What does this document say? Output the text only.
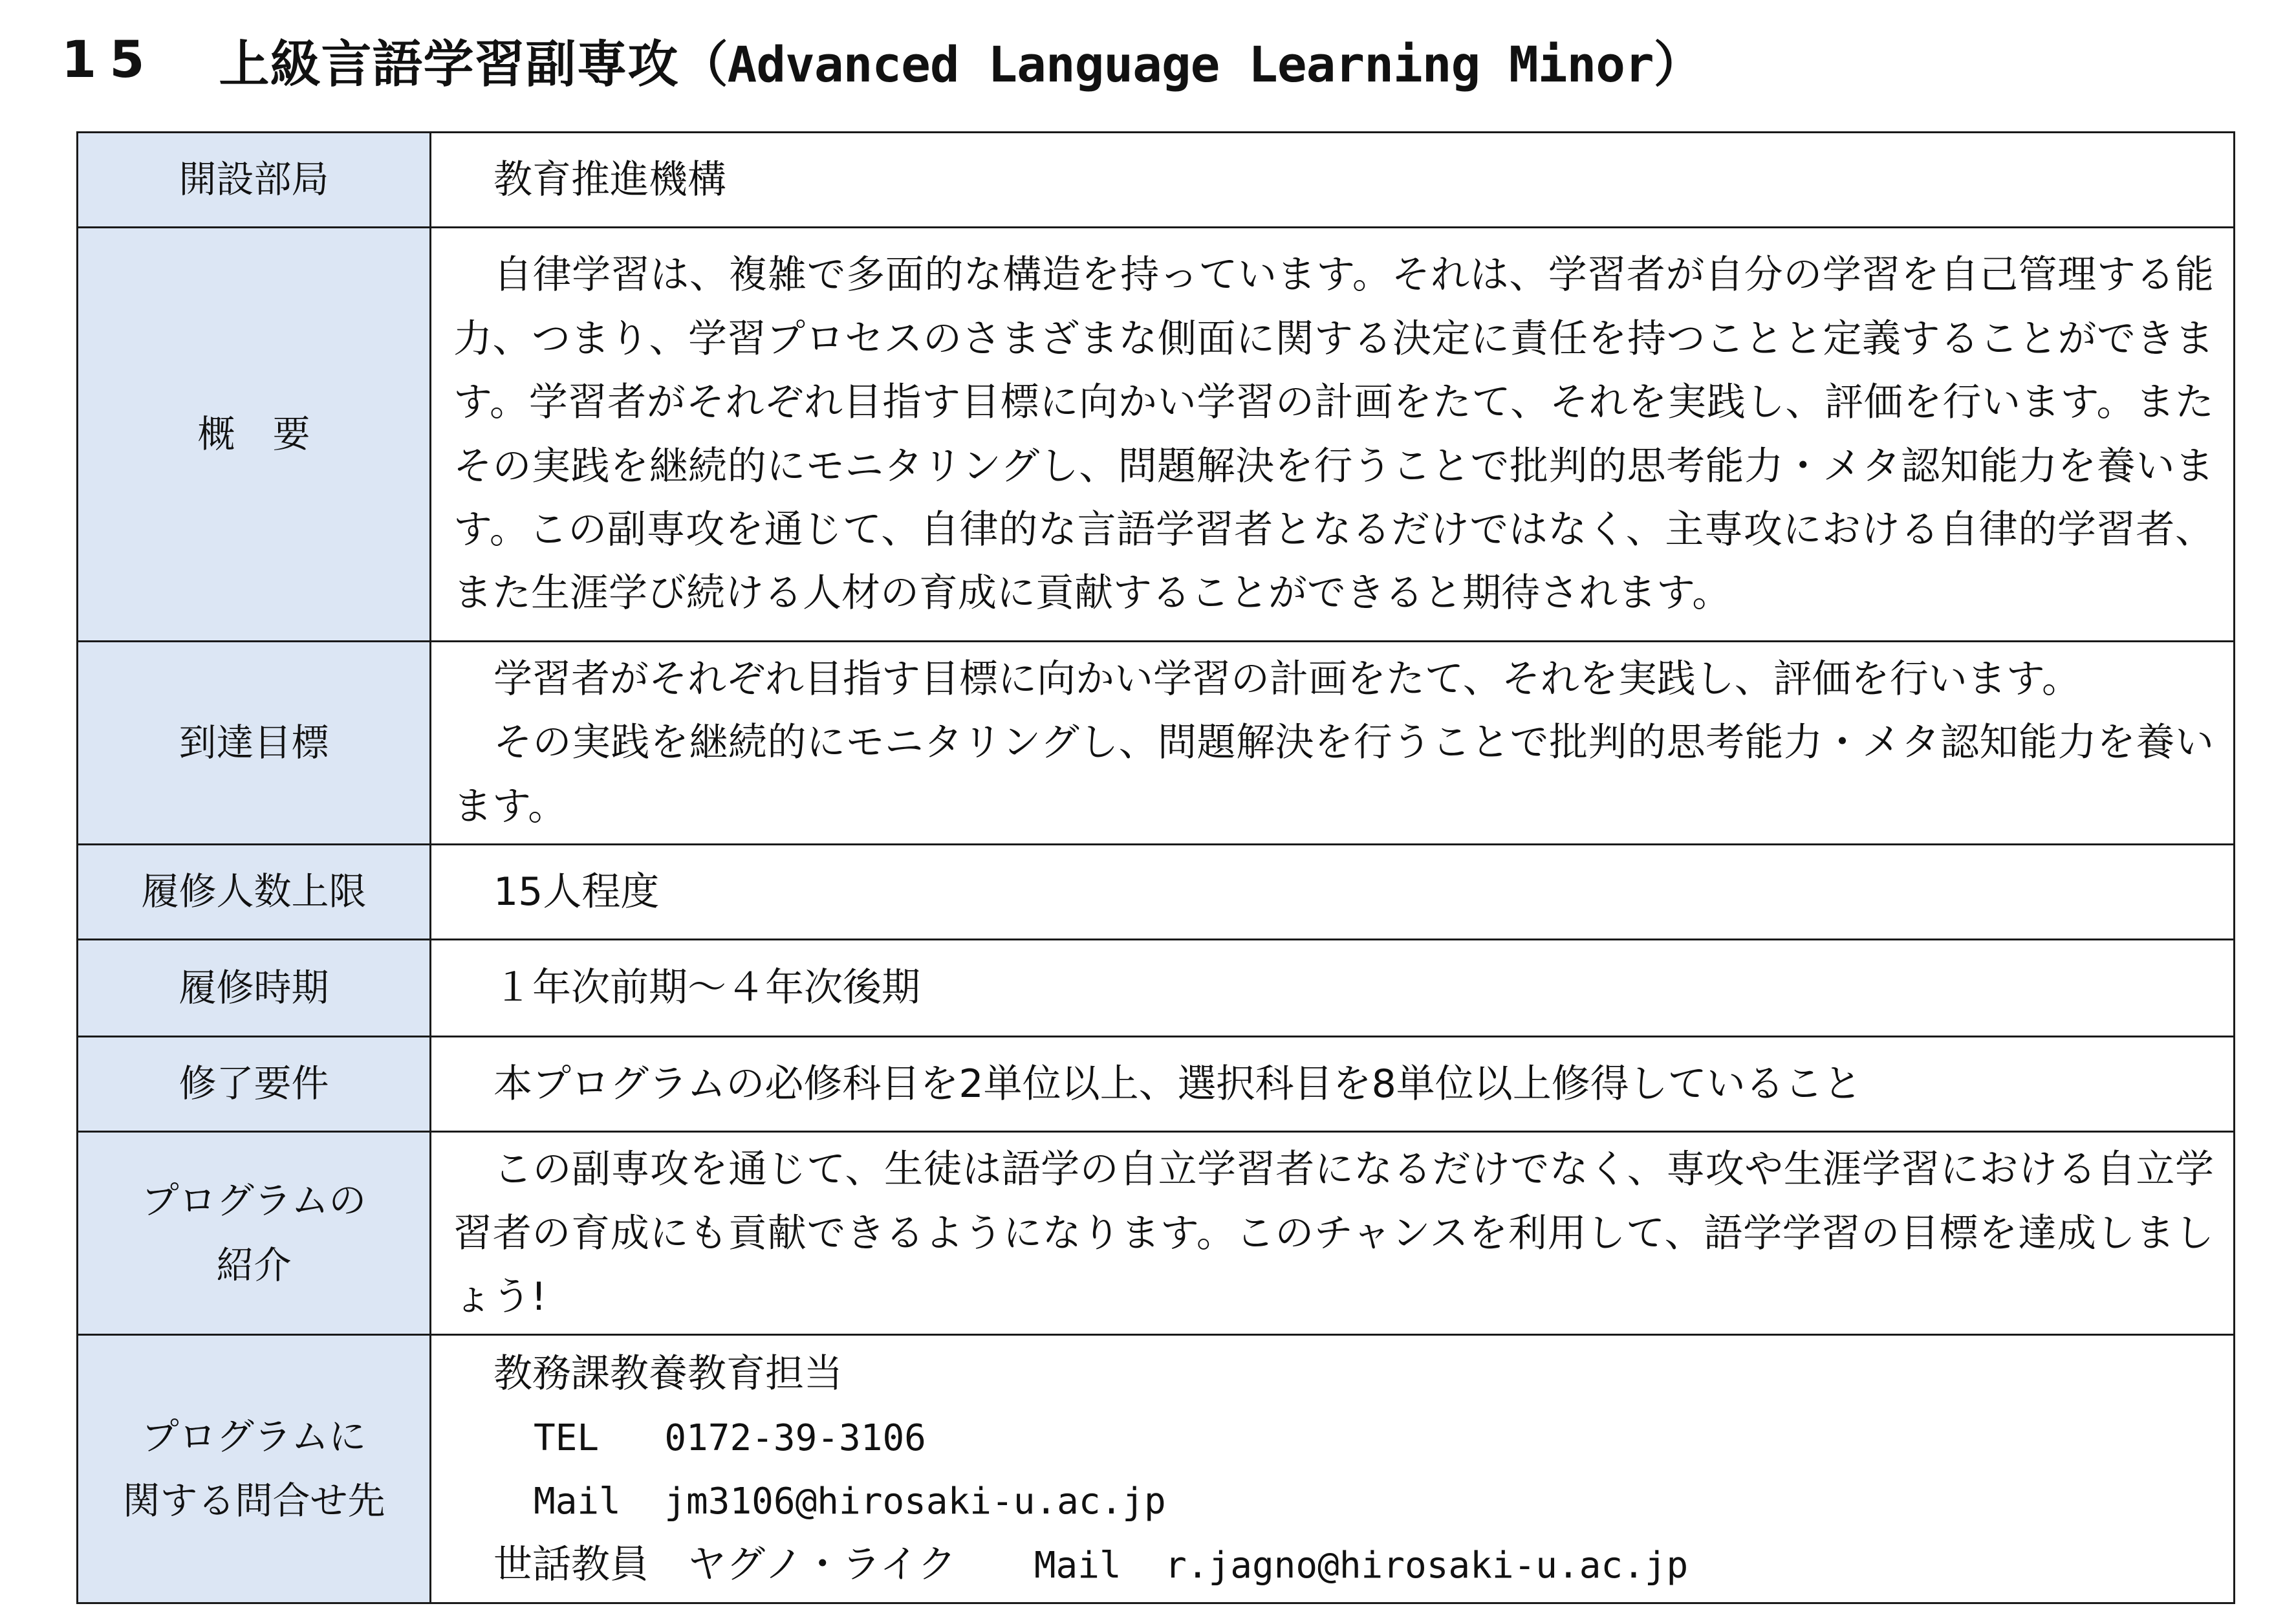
15 上級言語学習副専攻 （Advanced Language Learning Minor）
開設部局	教育推進機構

概　要	自律学習は、複雑で多面的な構造を持っています。それは、学習者が自分の学習を自己管理する能力、つまり、学習プロセスのさまざまな側面に関する決定に責任を持つことと定義することができます。学習者がそれぞれ目指す目標に向かい学習の計画をたて、それを実践し、評価を行います。またその実践を継続的にモニタリングし、問題解決を行うことで批判的思考能力・メタ認知能力を養います。この副専攻を通じて、自律的な言語学習者となるだけではなく、主専攻における自律的学習者、また生涯学び続ける人材の育成に貢献することができると期待されます。

到達目標	学習者がそれぞれ目指す目標に向かい学習の計画をたて、それを実践し、評価を行います。

その実践を継続的にモニタリングし、問題解決を行うことで批判的思考能力・メタ認知能力を養います。

履修人数上限	15人程度

履修時期	１年次前期～４年次後期

修了要件	本プログラムの必修科目を2単位以上、選択科目を8単位以上修得していること

プログラムの
紹介	この副専攻を通じて、生徒は語学の自立学習者になるだけでなく、専攻や生涯学習における自立学習者の育成にも貢献できるようになります。このチャンスを利用して、語学学習の目標を達成しましょう!

プログラムに
関する問合せ先	教務課教養教育担当
TEL 0172-39-3106
Mail jm3106@hirosaki-u.ac.jp
世話教員　 ヤグノ・ライク　　 Mail r.jagno@hirosaki-u.ac.jp
